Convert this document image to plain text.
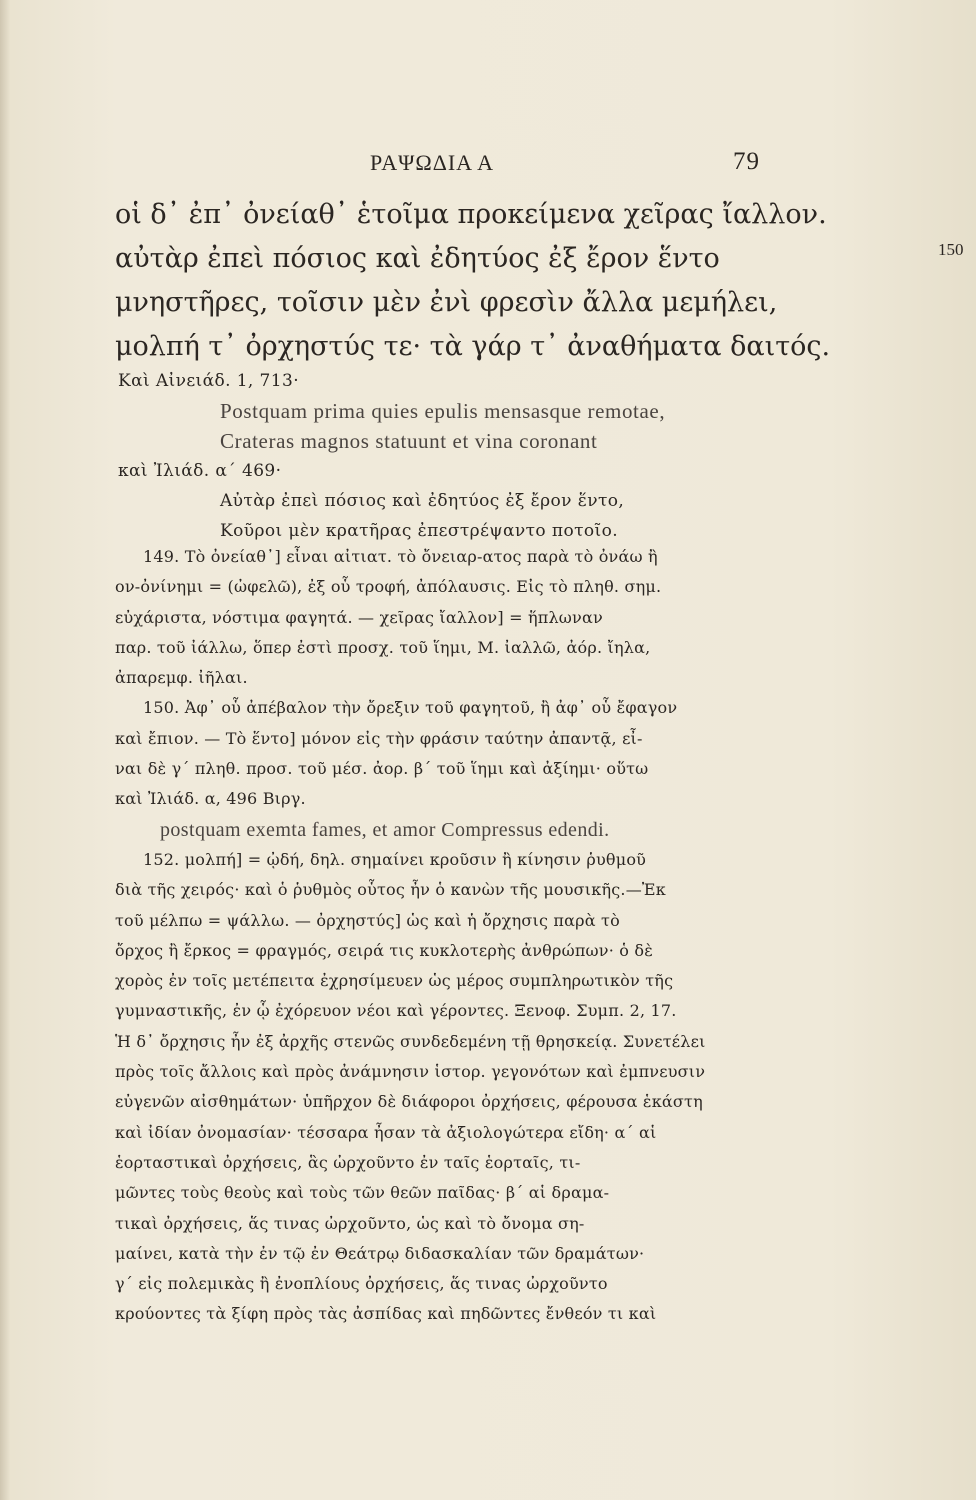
ΡΑΨΩΔΙΑ Α	79
οἱ δ᾽ ἐπ᾽ ὀνείαθ᾽ ἑτοῖμα προκείμενα χεῖρας ἴαλλον.
αὐτὰρ ἐπεὶ πόσιος καὶ ἐδητύος ἐξ ἔρον ἕντο
μνηστῆρες, τοῖσιν μὲν ἐνὶ φρεσὶν ἄλλα μεμήλει,
μολπή τ᾽ ὀρχηστύς τε· τὰ γάρ τ᾽ ἀναθήματα δαιτός.
150
Καὶ Αἰνειάδ. 1, 713·
Postquam prima quies epulis mensasque remotae,
Crateras magnos statuunt et vina coronant
καὶ Ἰλιάδ. α΄ 469·
Αὐτὰρ ἐπεὶ πόσιος καὶ ἐδητύος ἐξ ἔρον ἕντο,
Κοῦροι μὲν κρατῆρας ἐπεστρέψαντο ποτοῖο.
149. Τὸ ὀνείαθ᾽] εἶναι αἰτιατ. τὸ ὄνειαρ-ατος παρὰ τὸ ὀνάω ἢ
ον-ὀνίνημι = (ὠφελῶ), ἐξ οὗ τροφή, ἀπόλαυσις. Εἰς τὸ πληθ. σημ.
εὐχάριστα, νόστιμα φαγητά. — χεῖρας ἴαλλον] = ἥπλωναν
παρ. τοῦ ἰάλλω, ὅπερ ἐστὶ προσχ. τοῦ ἵημι, Μ. ἰαλλῶ, ἀόρ. ἴηλα,
ἀπαρεμφ. ἰῆλαι.
150. Ἀφ᾽ οὗ ἀπέβαλον τὴν ὄρεξιν τοῦ φαγητοῦ, ἢ ἀφ᾽ οὗ ἔφαγον
καὶ ἔπιον. — Τὸ ἕντο] μόνον εἰς τὴν φράσιν ταύτην ἀπαντᾷ, εἶ-
ναι δὲ γ΄ πληθ. προσ. τοῦ μέσ. ἀορ. β΄ τοῦ ἵημι καὶ ἀξίημι· οὕτω
καὶ Ἰλιάδ. α, 496 Βιργ.
postquam exemta fames, et amor Compressus edendi.
152. μολπή] = ᾠδή, δηλ. σημαίνει κροῦσιν ἢ κίνησιν ῥυθμοῦ
διὰ τῆς χειρός· καὶ ὁ ῥυθμὸς οὗτος ἦν ὁ κανὼν τῆς μουσικῆς.—Ἐκ
τοῦ μέλπω = ψάλλω. — ὀρχηστύς] ὡς καὶ ἡ ὄρχησις παρὰ τὸ
ὄρχος ἢ ἔρκος = φραγμός, σειρά τις κυκλοτερὴς ἀνθρώπων· ὁ δὲ
χορὸς ἐν τοῖς μετέπειτα ἐχρησίμευεν ὡς μέρος συμπληρωτικὸν τῆς
γυμναστικῆς, ἐν ᾧ ἐχόρευον νέοι καὶ γέροντες. Ξενοφ. Συμπ. 2, 17.
Ἡ δ᾽ ὄρχησις ἦν ἐξ ἀρχῆς στενῶς συνδεδεμένη τῇ θρησκείᾳ. Συνετέλει
πρὸς τοῖς ἄλλοις καὶ πρὸς ἀνάμνησιν ἱστορ. γεγονότων καὶ ἐμπνευσιν
εὐγενῶν αἰσθημάτων· ὑπῆρχον δὲ διάφοροι ὀρχήσεις, φέρουσα ἑκάστη
καὶ ἰδίαν ὀνομασίαν· τέσσαρα ἦσαν τὰ ἀξιολογώτερα εἴδη· α΄ αἱ
ἑορταστικαὶ ὀρχήσεις, ἃς ὠρχοῦντο ἐν ταῖς ἑορταῖς, τι-
μῶντες τοὺς θεοὺς καὶ τοὺς τῶν θεῶν παῖδας· β΄ αἱ δραμα-
τικαὶ ὀρχήσεις, ἅς τινας ὠρχοῦντο, ὡς καὶ τὸ ὄνομα ση-
μαίνει, κατὰ τὴν ἐν τῷ ἐν Θεάτρῳ διδασκαλίαν τῶν δραμάτων·
γ΄ εἰς πολεμικὰς ἢ ἐνοπλίους ὀρχήσεις, ἅς τινας ὠρχοῦντο
κρούοντες τὰ ξίφη πρὸς τὰς ἀσπίδας καὶ πηδῶντες ἔνθεόν τι καὶ
